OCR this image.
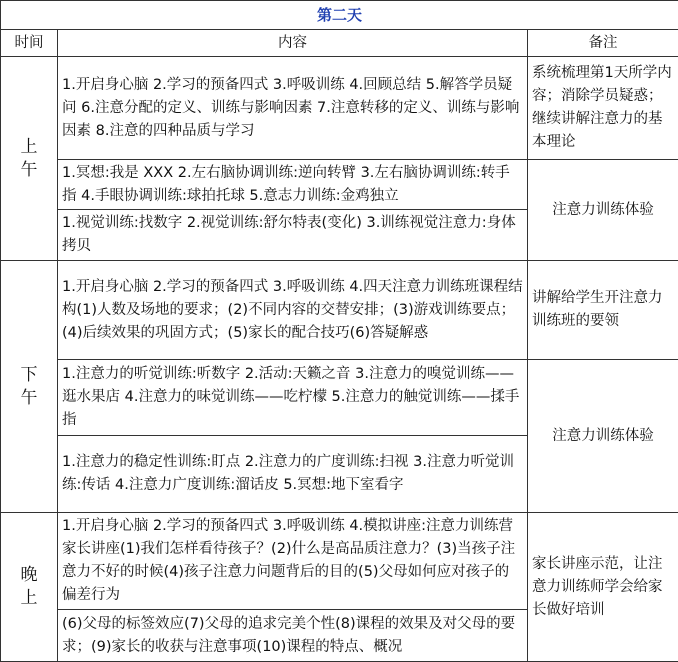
第二天		
时间	内容	备注

上
午	1.开启身心脑 2.学习的预备四式 3.呼吸训练 4.回顾总结 5.解答学员疑问 6.注意分配的定义、训练与影响因素 7.注意转移的定义、训练与影响因素 8.注意的四种品质与学习	系统梳理第1天所学内容；消除学员疑惑；继续讲解注意力的基本理论
	1.冥想:我是 XXX 2.左右脑协调训练:逆向转臂 3.左右脑协调训练:转手指 4.手眼协调训练:球拍托球 5.意志力训练:金鸡独立	注意力训练体验
	1.视觉训练:找数字 2.视觉训练:舒尔特表(变化) 3.训练视觉注意力:身体拷贝	

下
午	1.开启身心脑 2.学习的预备四式 3.呼吸训练 4.四天注意力训练班课程结构(1)人数及场地的要求；(2)不同内容的交替安排；(3)游戏训练要点；(4)后续效果的巩固方式；(5)家长的配合技巧(6)答疑解惑	讲解给学生开注意力训练班的要领
	1.注意力的听觉训练:听数字 2.活动:天籁之音 3.注意力的嗅觉训练——逛水果店 4.注意力的味觉训练——吃柠檬 5.注意力的触觉训练——揉手指	注意力训练体验
	1.注意力的稳定性训练:盯点 2.注意力的广度训练:扫视 3.注意力听觉训练:传话 4.注意力广度训练:溜话皮 5.冥想:地下室看字	

晚
上	1.开启身心脑 2.学习的预备四式 3.呼吸训练 4.模拟讲座:注意力训练营家长讲座(1)我们怎样看待孩子？(2)什么是高品质注意力？(3)当孩子注意力不好的时候(4)孩子注意力问题背后的目的(5)父母如何应对孩子的偏差行为	家长讲座示范，让注意力训练师学会给家长做好培训
	(6)父母的标签效应(7)父母的追求完美个性(8)课程的效果及对父母的要求；(9)家长的收获与注意事项(10)课程的特点、概况	
